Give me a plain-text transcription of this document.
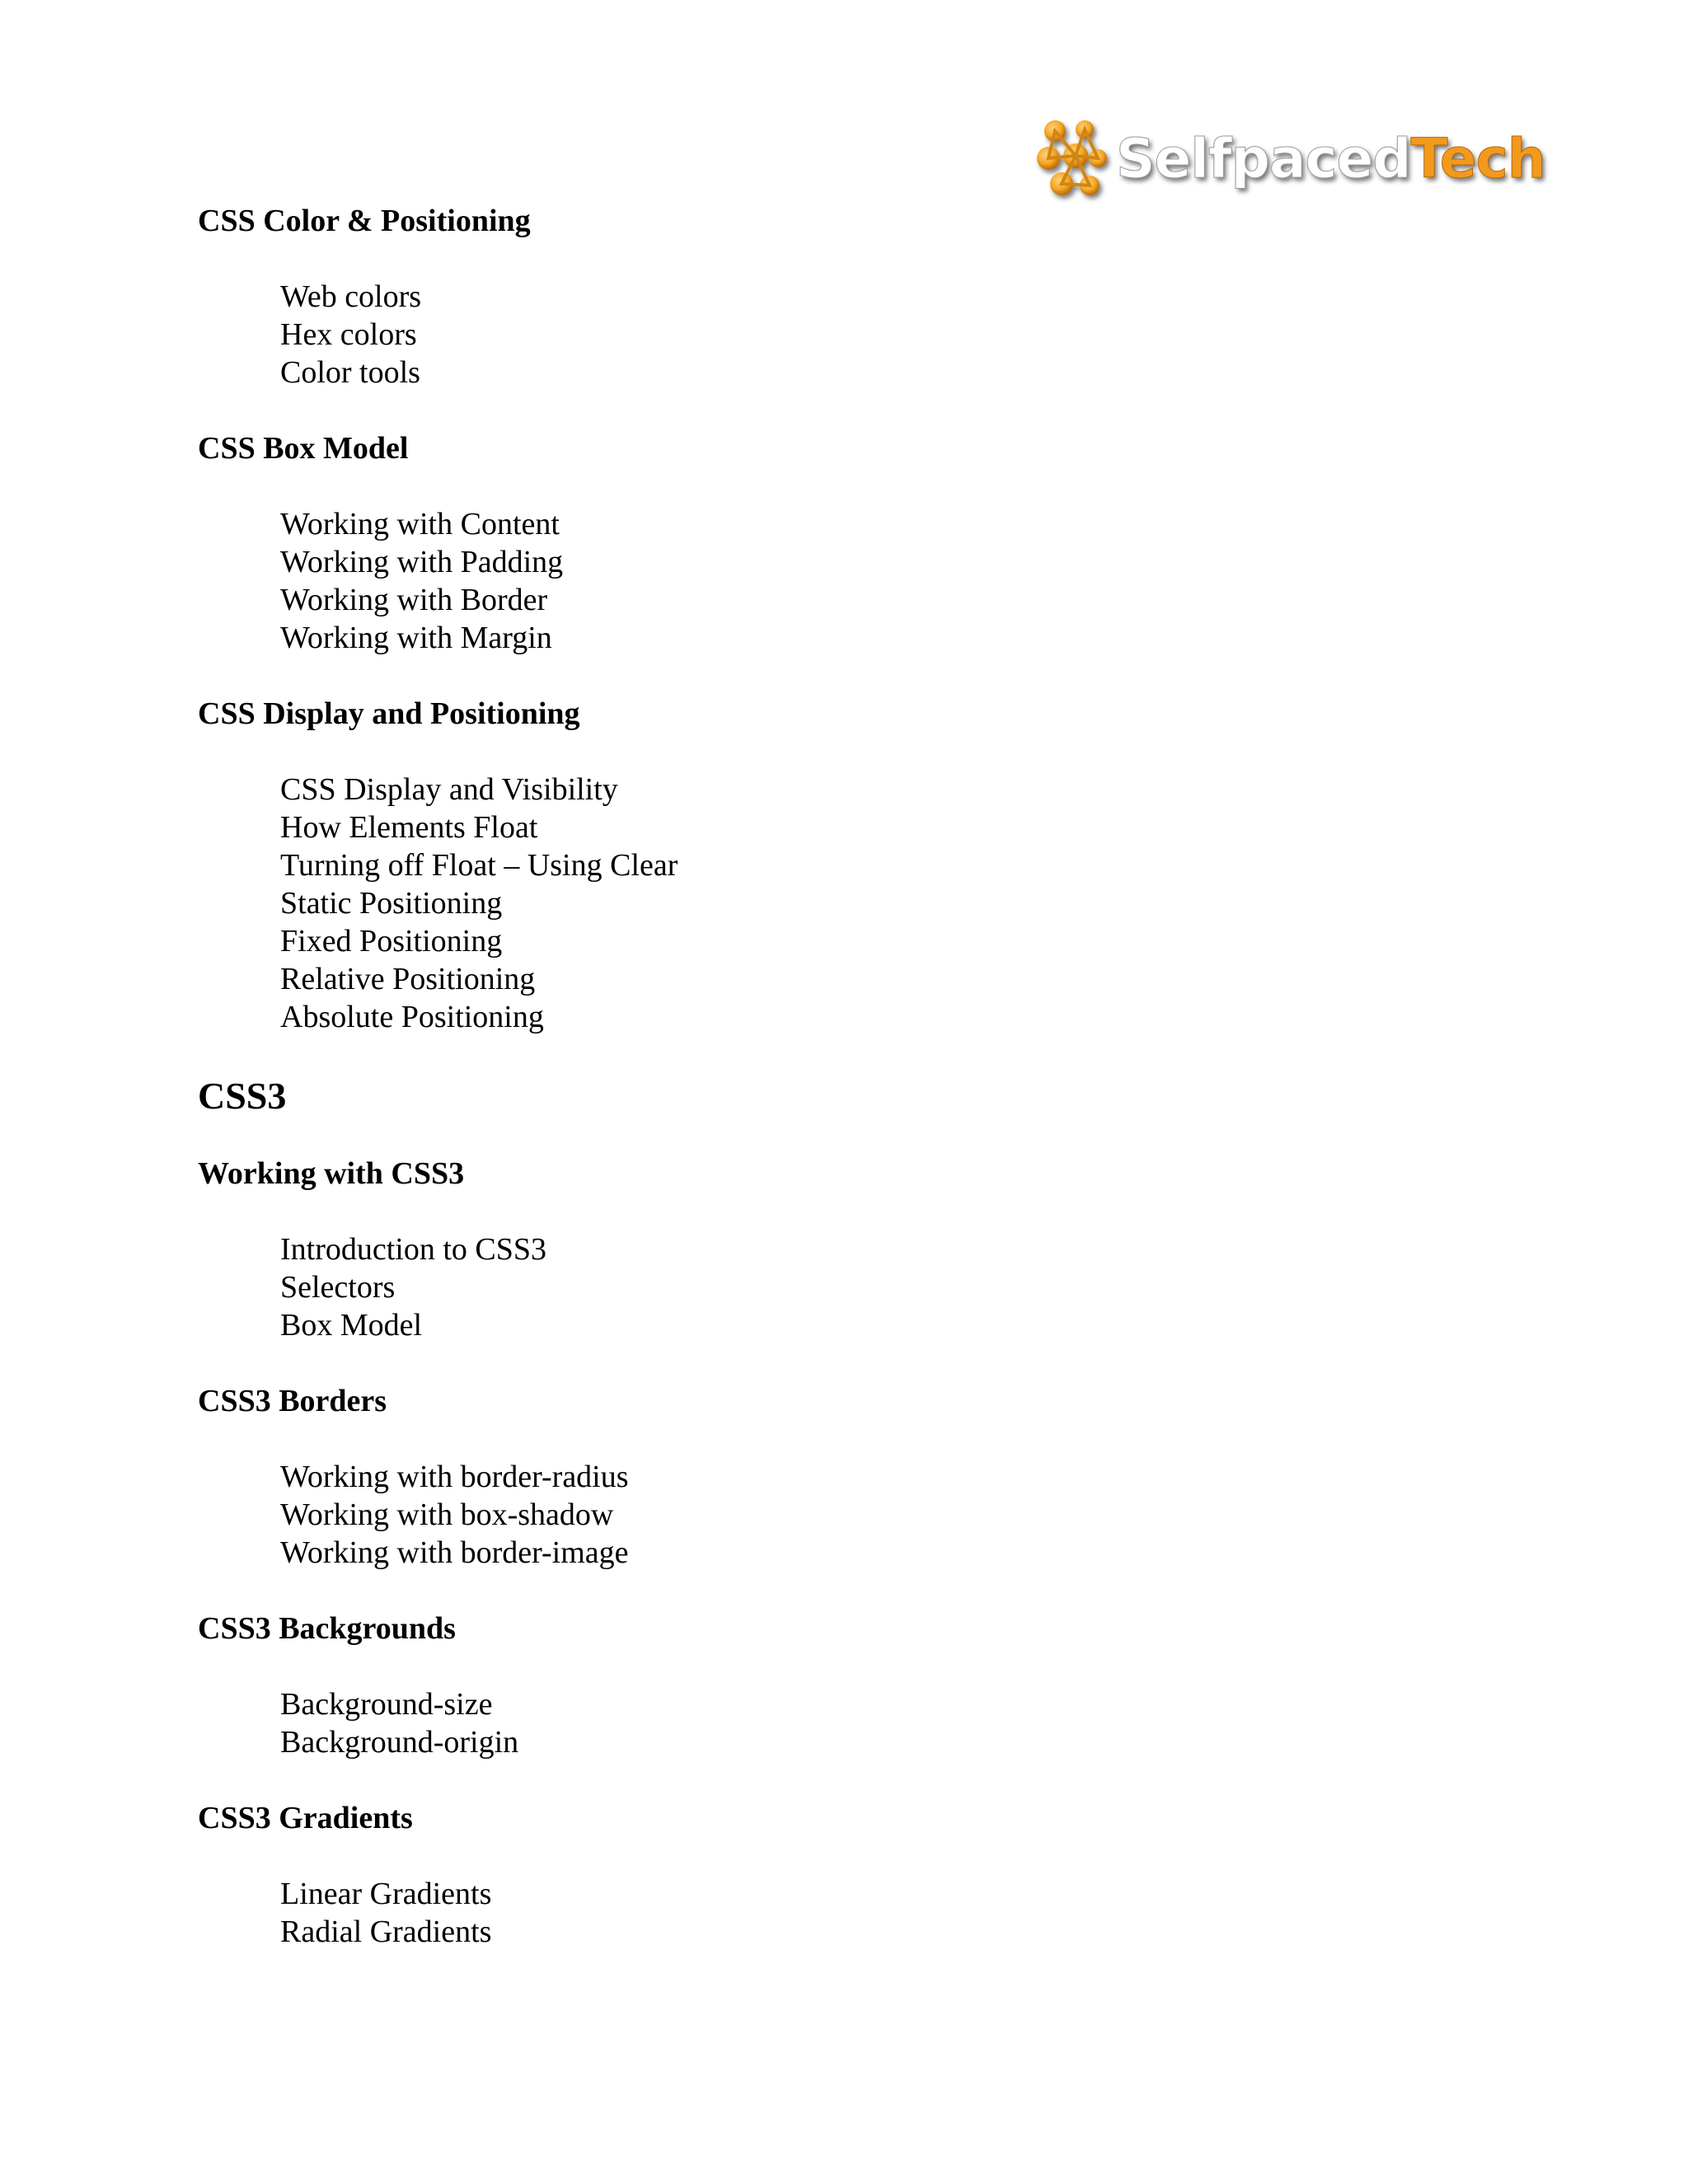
SelfpacedTech
CSS Color & Positioning
Web colors
Hex colors
Color tools
CSS Box Model
Working with Content
Working with Padding
Working with Border
Working with Margin
CSS Display and Positioning
CSS Display and Visibility
How Elements Float
Turning off Float – Using Clear
Static Positioning
Fixed Positioning
Relative Positioning
Absolute Positioning
CSS3
Working with CSS3
Introduction to CSS3
Selectors
Box Model
CSS3 Borders
Working with border-radius
Working with box-shadow
Working with border-image
CSS3 Backgrounds
Background-size
Background-origin
CSS3 Gradients
Linear Gradients
Radial Gradients
